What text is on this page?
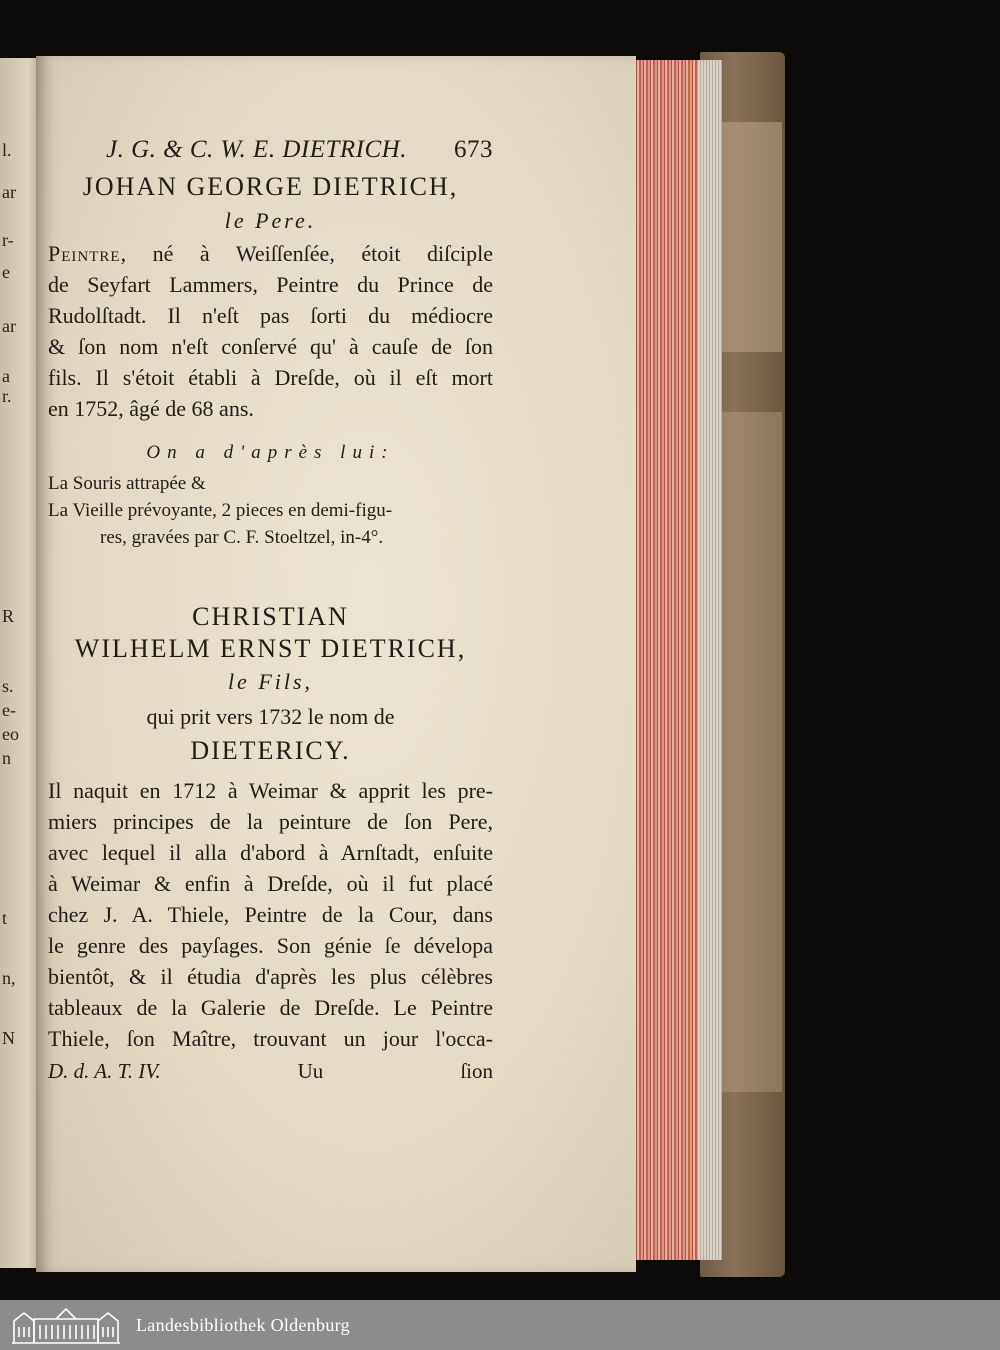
l.
ar
r-
e
ar
a
r.
R
s.
e-
eo
n
t
n,
N
J. G. & C. W. E. DIETRICH. 673
JOHAN GEORGE DIETRICH,
le Pere.
Peintre, né à Weiſſenſée, étoit diſciple
de Seyfart Lammers, Peintre du Prince de
Rudolſtadt. Il n'eſt pas ſorti du médiocre
& ſon nom n'eſt conſervé qu' à cauſe de ſon
fils. Il s'étoit établi à Dreſde, où il eſt mort
en 1752, âgé de 68 ans.
On a d'après lui:
La Souris attrapée &
La Vieille prévoyante, 2 pieces en demi-figu-
res, gravées par C. F. Stoeltzel, in-4°.
CHRISTIAN
WILHELM ERNST DIETRICH,
le Fils,
qui prit vers 1732 le nom de
DIETERICY.
Il naquit en 1712 à Weimar & apprit les pre-
miers principes de la peinture de ſon Pere,
avec lequel il alla d'abord à Arnſtadt, enſuite
à Weimar & enfin à Dreſde, où il fut placé
chez J. A. Thiele, Peintre de la Cour, dans
le genre des payſages. Son génie ſe dévelopa
bientôt, & il étudia d'après les plus célèbres
tableaux de la Galerie de Dreſde. Le Peintre
Thiele, ſon Maître, trouvant un jour l'occa-
D. d. A. T. IV.	Uu	ſion
Landesbibliothek Oldenburg
